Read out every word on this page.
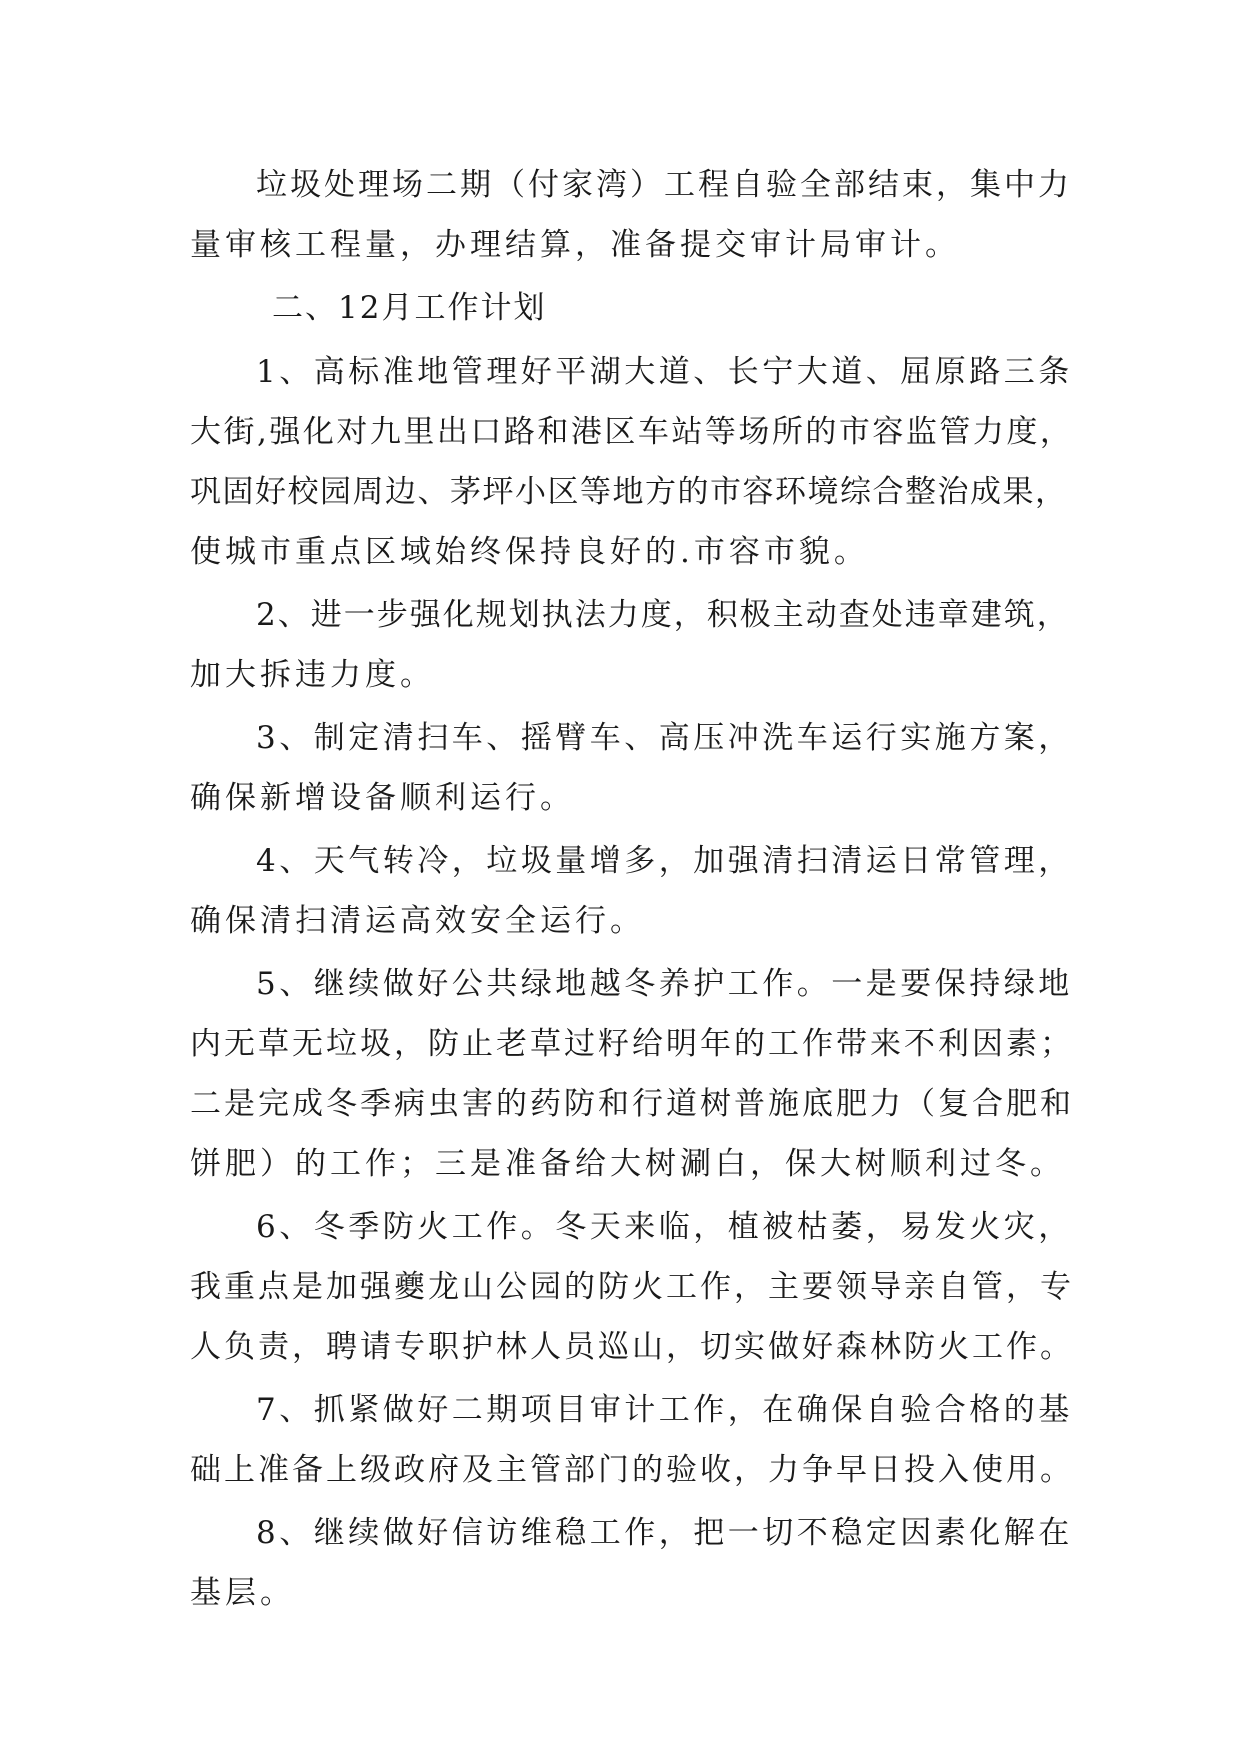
垃圾处理场二期（付家湾）工程自验全部结束，集中力
量审核工程量，办理结算，准备提交审计局审计。
二、12月工作计划
1、高标准地管理好平湖大道、长宁大道、屈原路三条
大街,强化对九里出口路和港区车站等场所的市容监管力度，
巩固好校园周边、茅坪小区等地方的市容环境综合整治成果，
使城市重点区域始终保持良好的.市容市貌。
2、进一步强化规划执法力度，积极主动查处违章建筑，
加大拆违力度。
3、制定清扫车、摇臂车、高压冲洗车运行实施方案，
确保新增设备顺利运行。
4、天气转冷，垃圾量增多，加强清扫清运日常管理，
确保清扫清运高效安全运行。
5、继续做好公共绿地越冬养护工作。一是要保持绿地
内无草无垃圾，防止老草过籽给明年的工作带来不利因素；
二是完成冬季病虫害的药防和行道树普施底肥力（复合肥和
饼肥）的工作；三是准备给大树涮白，保大树顺利过冬。
6、冬季防火工作。冬天来临，植被枯萎，易发火灾，
我重点是加强夔龙山公园的防火工作，主要领导亲自管，专
人负责，聘请专职护林人员巡山，切实做好森林防火工作。
7、抓紧做好二期项目审计工作，在确保自验合格的基
础上准备上级政府及主管部门的验收，力争早日投入使用。
8、继续做好信访维稳工作，把一切不稳定因素化解在
基层。
